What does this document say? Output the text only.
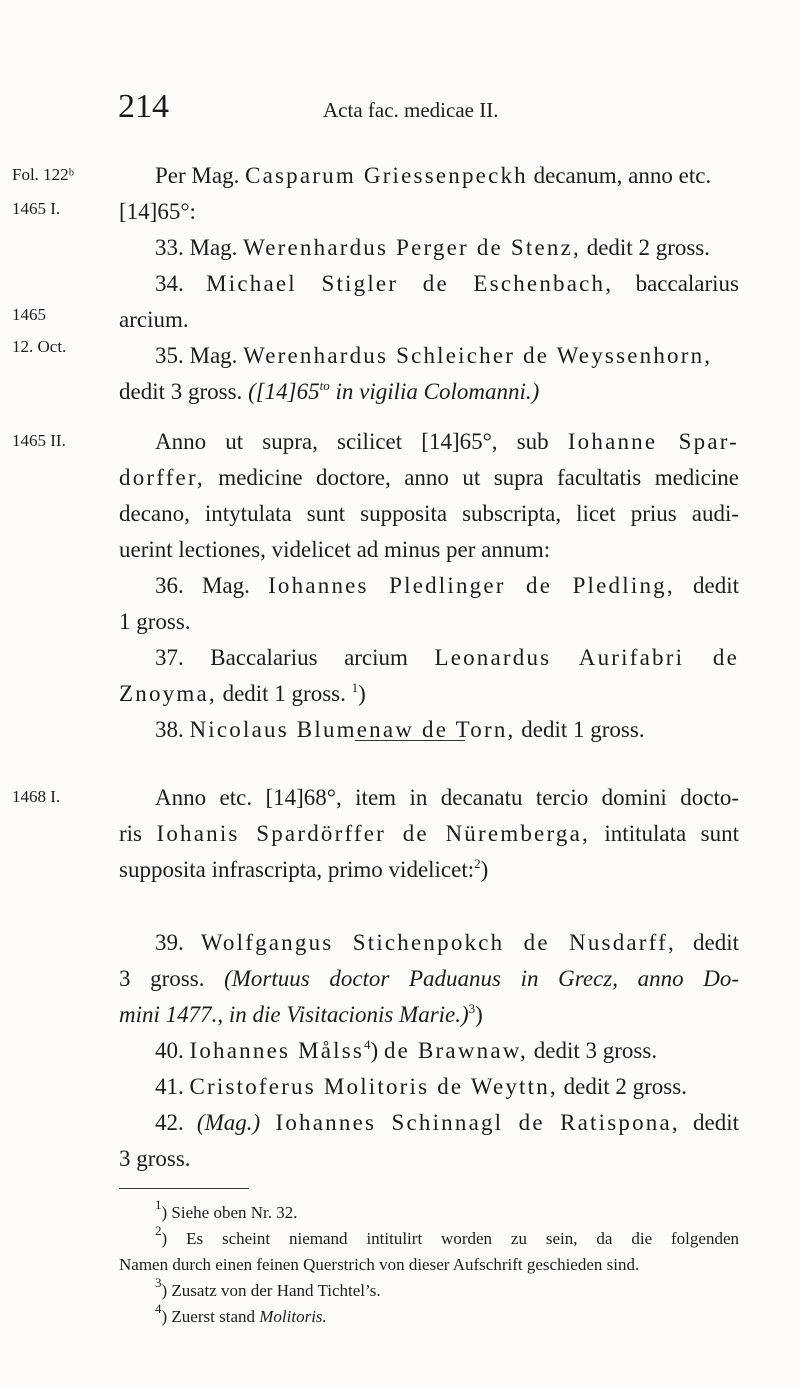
214	Acta fac. medicae II.
Fol. 122ᵇ
1465 I.
1465
12. Oct.
1465 II.
1468 I.

Per Mag. Casparum Griessenpeckh decanum, anno etc.

[14]65°:

33. Mag. Werenhardus Perger de Stenz, dedit 2 gross.

34. Michael Stigler de Eschenbach, baccalarius

arcium.

35. Mag. Werenhardus Schleicher de Weyssenhorn,

dedit 3 gross. ($[14]65^{to}$ in vigilia Colomanni.)

Anno ut supra, scilicet [14]65°, sub Iohanne Spar-

dorffer, medicine doctore, anno ut supra facultatis medicine

decano, intytulata sunt supposita subscripta, licet prius audi-

uerint lectiones, videlicet ad minus per annum:

36. Mag. Iohannes Pledlinger de Pledling, dedit

1 gross.

37. Baccalarius arcium Leonardus Aurifabri de

Znoyma, dedit 1 gross. $^1$)

38. Nicolaus Blumenaw de Torn, dedit 1 gross.

Anno etc. [14]68°, item in decanatu tercio domini docto-

ris Iohanis Spardörffer de Nüremberga, intitulata sunt

supposita infrascripta, primo videlicet:$^2$)

39. Wolfgangus Stichenpokch de Nusdarff, dedit

3 gross. (Mortuus doctor Paduanus in Grecz, anno Do-

mini 1477., in die Visitacionis Marie.)$^3$)

40. Iohannes Målss$^4$) de Brawnaw, dedit 3 gross.

41. Cristoferus Molitoris de Weyttn, dedit 2 gross.

42. (Mag.) Iohannes Schinnagl de Ratispona, dedit

3 gross.

$^1$) Siehe oben Nr. 32.

$^2$) Es scheint niemand intitulirt worden zu sein, da die folgenden

Namen durch einen feinen Querstrich von dieser Aufschrift geschieden sind.

$^3$) Zusatz von der Hand Tichtel’s.

$^4$) Zuerst stand Molitoris.
